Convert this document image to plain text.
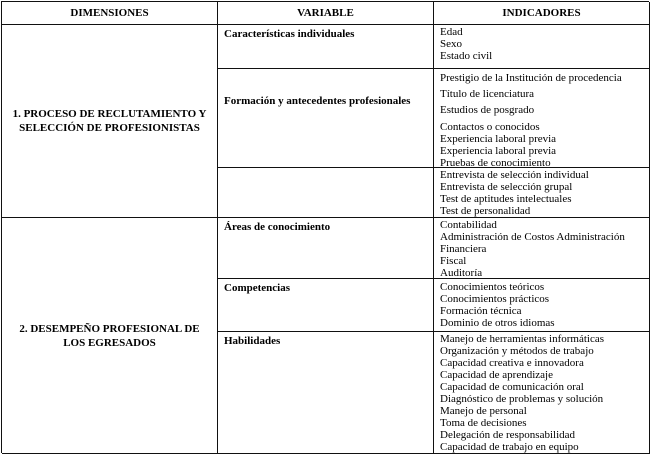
DIMENSIONES	VARIABLE	INDICADORES
1. PROCESO DE RECLUTAMIENTO Y SELECCIÓN DE PROFESIONISTAS
2. DESEMPEÑO PROFESIONAL DE LOS EGRESADOS
Características individuales
Formación y antecedentes profesionales
Áreas de conocimiento
Competencias
Habilidades
Edad
Sexo
Estado civil
Prestigio de la Institución de procedencia
Título de licenciatura
Estudios de posgrado
Contactos o conocidos
Experiencia laboral previa
Experiencia laboral previa
Pruebas de conocimiento
Entrevista de selección individual
Entrevista de selección grupal
Test de aptitudes intelectuales
Test de personalidad
Contabilidad
Administración de Costos Administración
Financiera
Fiscal
Auditoría
Conocimientos teóricos
Conocimientos prácticos
Formación técnica
Dominio de otros idiomas
Manejo de herramientas informáticas
Organización y métodos de trabajo
Capacidad creativa e innovadora
Capacidad de aprendizaje
Capacidad de comunicación oral
Diagnóstico de problemas y solución
Manejo de personal
Toma de decisiones
Delegación de responsabilidad
Capacidad de trabajo en equipo
